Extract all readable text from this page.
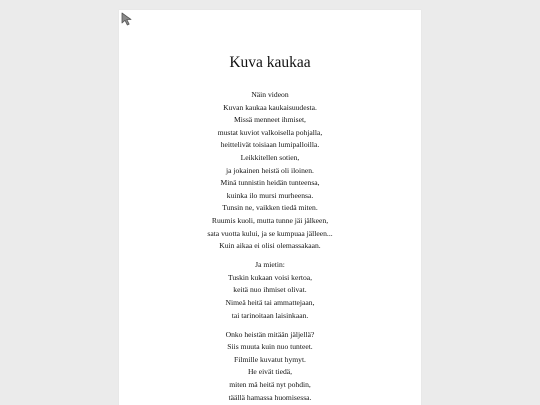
Kuva kaukaa
Näin videon
Kuvan kaukaa kaukaisuudesta.
Missä menneet ihmiset,
mustat kuviot valkoisella pohjalla,
heittelivät toisiaan lumipalloilla.
Leikkitellen sotien,
ja jokainen heistä oli iloinen.
Minä tunnistin heidän tunteensa,
kuinka ilo mursi murheensa.
Tunsin ne, vaikken tiedä miten.
Ruumis kuoli, mutta tunne jäi jälkeen,
sata vuotta kului, ja se kumpuaa jälleen...
Kuin aikaa ei olisi olemassakaan.
Ja mietin:
Tuskin kukaan voisi kertoa,
keitä nuo ihmiset olivat.
Nimeä heitä tai ammattejaan,
tai tarinoitaan laisinkaan.
Onko heistän mitään jäljellä?
Siis muuta kuin nuo tunteet.
Filmille kuvatut hymyt.
He eivät tiedä,
miten mä heitä nyt pohdin,
täällä hamassa huomisessa.
